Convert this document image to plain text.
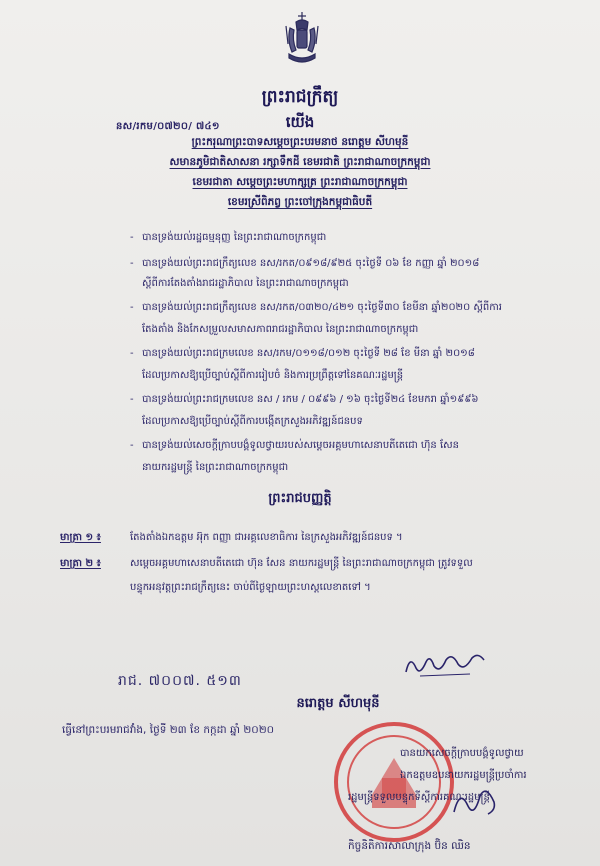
ព្រះរាជក្រឹត្យ
នស/រកម/០៧២០/ ៧៤១	យើង
ព្រះករុណាព្រះបាទសម្តេចព្រះបរមនាថ នរោត្តម សីហមុនី
សមានភូមិជាតិសាសនា រក្សាទឹកដី ខេមរជាតិ ព្រះរាជាណាចក្រកម្ពុជា
ខេមរជាតា សម្តេចព្រះមហាក្សត្រ ព្រះរាជាណាចក្រកម្ពុជា
ខេមរស្រីពិភព្វ ព្រះចៅក្រុងកម្ពុជាធិបតី
- បានទ្រង់យល់រដ្ឋធម្មនុញ្ញ នៃព្រះរាជាណាចក្រកម្ពុជា
- បានទ្រង់យល់ព្រះរាជក្រឹត្យលេខ នស/រកត/០៩១៨/៩២៥ ចុះថ្ងៃទី ០៦ ខែ កញ្ញា ឆ្នាំ ២០១៨
ស្តីពីការតែងតាំងរាជរដ្ឋាភិបាល នៃព្រះរាជាណាចក្រកម្ពុជា
- បានទ្រង់យល់ព្រះរាជក្រឹត្យលេខ នស/រកត/០៣២០/៤២១ ចុះថ្ងៃទី៣០ ខែមីនា ឆ្នាំ២០២០ ស្តីពីការ
តែងតាំង និងកែសម្រួលសមាសភាពរាជរដ្ឋាភិបាល នៃព្រះរាជាណាចក្រកម្ពុជា
- បានទ្រង់យល់ព្រះរាជក្រមលេខ នស/រកម/០១១៨/០១២ ចុះថ្ងៃទី ២៨ ខែ មីនា ឆ្នាំ ២០១៨
ដែលប្រកាសឱ្យប្រើច្បាប់ស្តីពីការរៀបចំ និងការប្រព្រឹត្តទៅនៃគណៈរដ្ឋមន្ត្រី
- បានទ្រង់យល់ព្រះរាជក្រមលេខ នស / រកម / ០៩៩៦ / ១៦ ចុះថ្ងៃទី២៤ ខែមករា ឆ្នាំ១៩៩៦
ដែលប្រកាសឱ្យប្រើច្បាប់ស្តីពីការបង្កើតក្រសួងអភិវឌ្ឍន៍ជនបទ
- បានទ្រង់យល់សេចក្តីក្រាបបង្គំទូលថ្វាយរបស់សម្តេចអគ្គមហាសេនាបតីតេជោ ហ៊ុន សែន
នាយករដ្ឋមន្ត្រី នៃព្រះរាជាណាចក្រកម្ពុជា
ព្រះរាជបញ្ញត្តិ
មាត្រា ១ ៖	តែងតាំងឯកឧត្តម អ៊ុក ពញ្ញា ជាអគ្គលេខាធិការ នៃក្រសួងអភិវឌ្ឍន៍ជនបទ ។
មាត្រា ២ ៖	សម្តេចអគ្គមហាសេនាបតីតេជោ ហ៊ុន សែន នាយករដ្ឋមន្ត្រី នៃព្រះរាជាណាចក្រកម្ពុជា ត្រូវទទួល
បន្ទុកអនុវត្តព្រះរាជក្រឹត្យនេះ ចាប់ពីថ្ងៃឡាយព្រះហស្តលេខាតទៅ ។
រាជ. ៧០០៧. ៥១៣
នរោត្តម សីហមុនី
ធ្វើនៅព្រះបរមរាជវាំង, ថ្ងៃទី ២៣ ខែ កក្កដា ឆ្នាំ ២០២០
បានយកសេចក្តីក្រាបបង្គំទូលថ្វាយ
ឯកឧត្តមឧបនាយករដ្ឋមន្ត្រីប្រចាំការ
រដ្ឋមន្ត្រីទទួលបន្ទុកទីស្តីការគណៈរដ្ឋមន្ត្រី
កិច្ចនិតិការសាលាក្រុង ប៊ិន ឈិន
